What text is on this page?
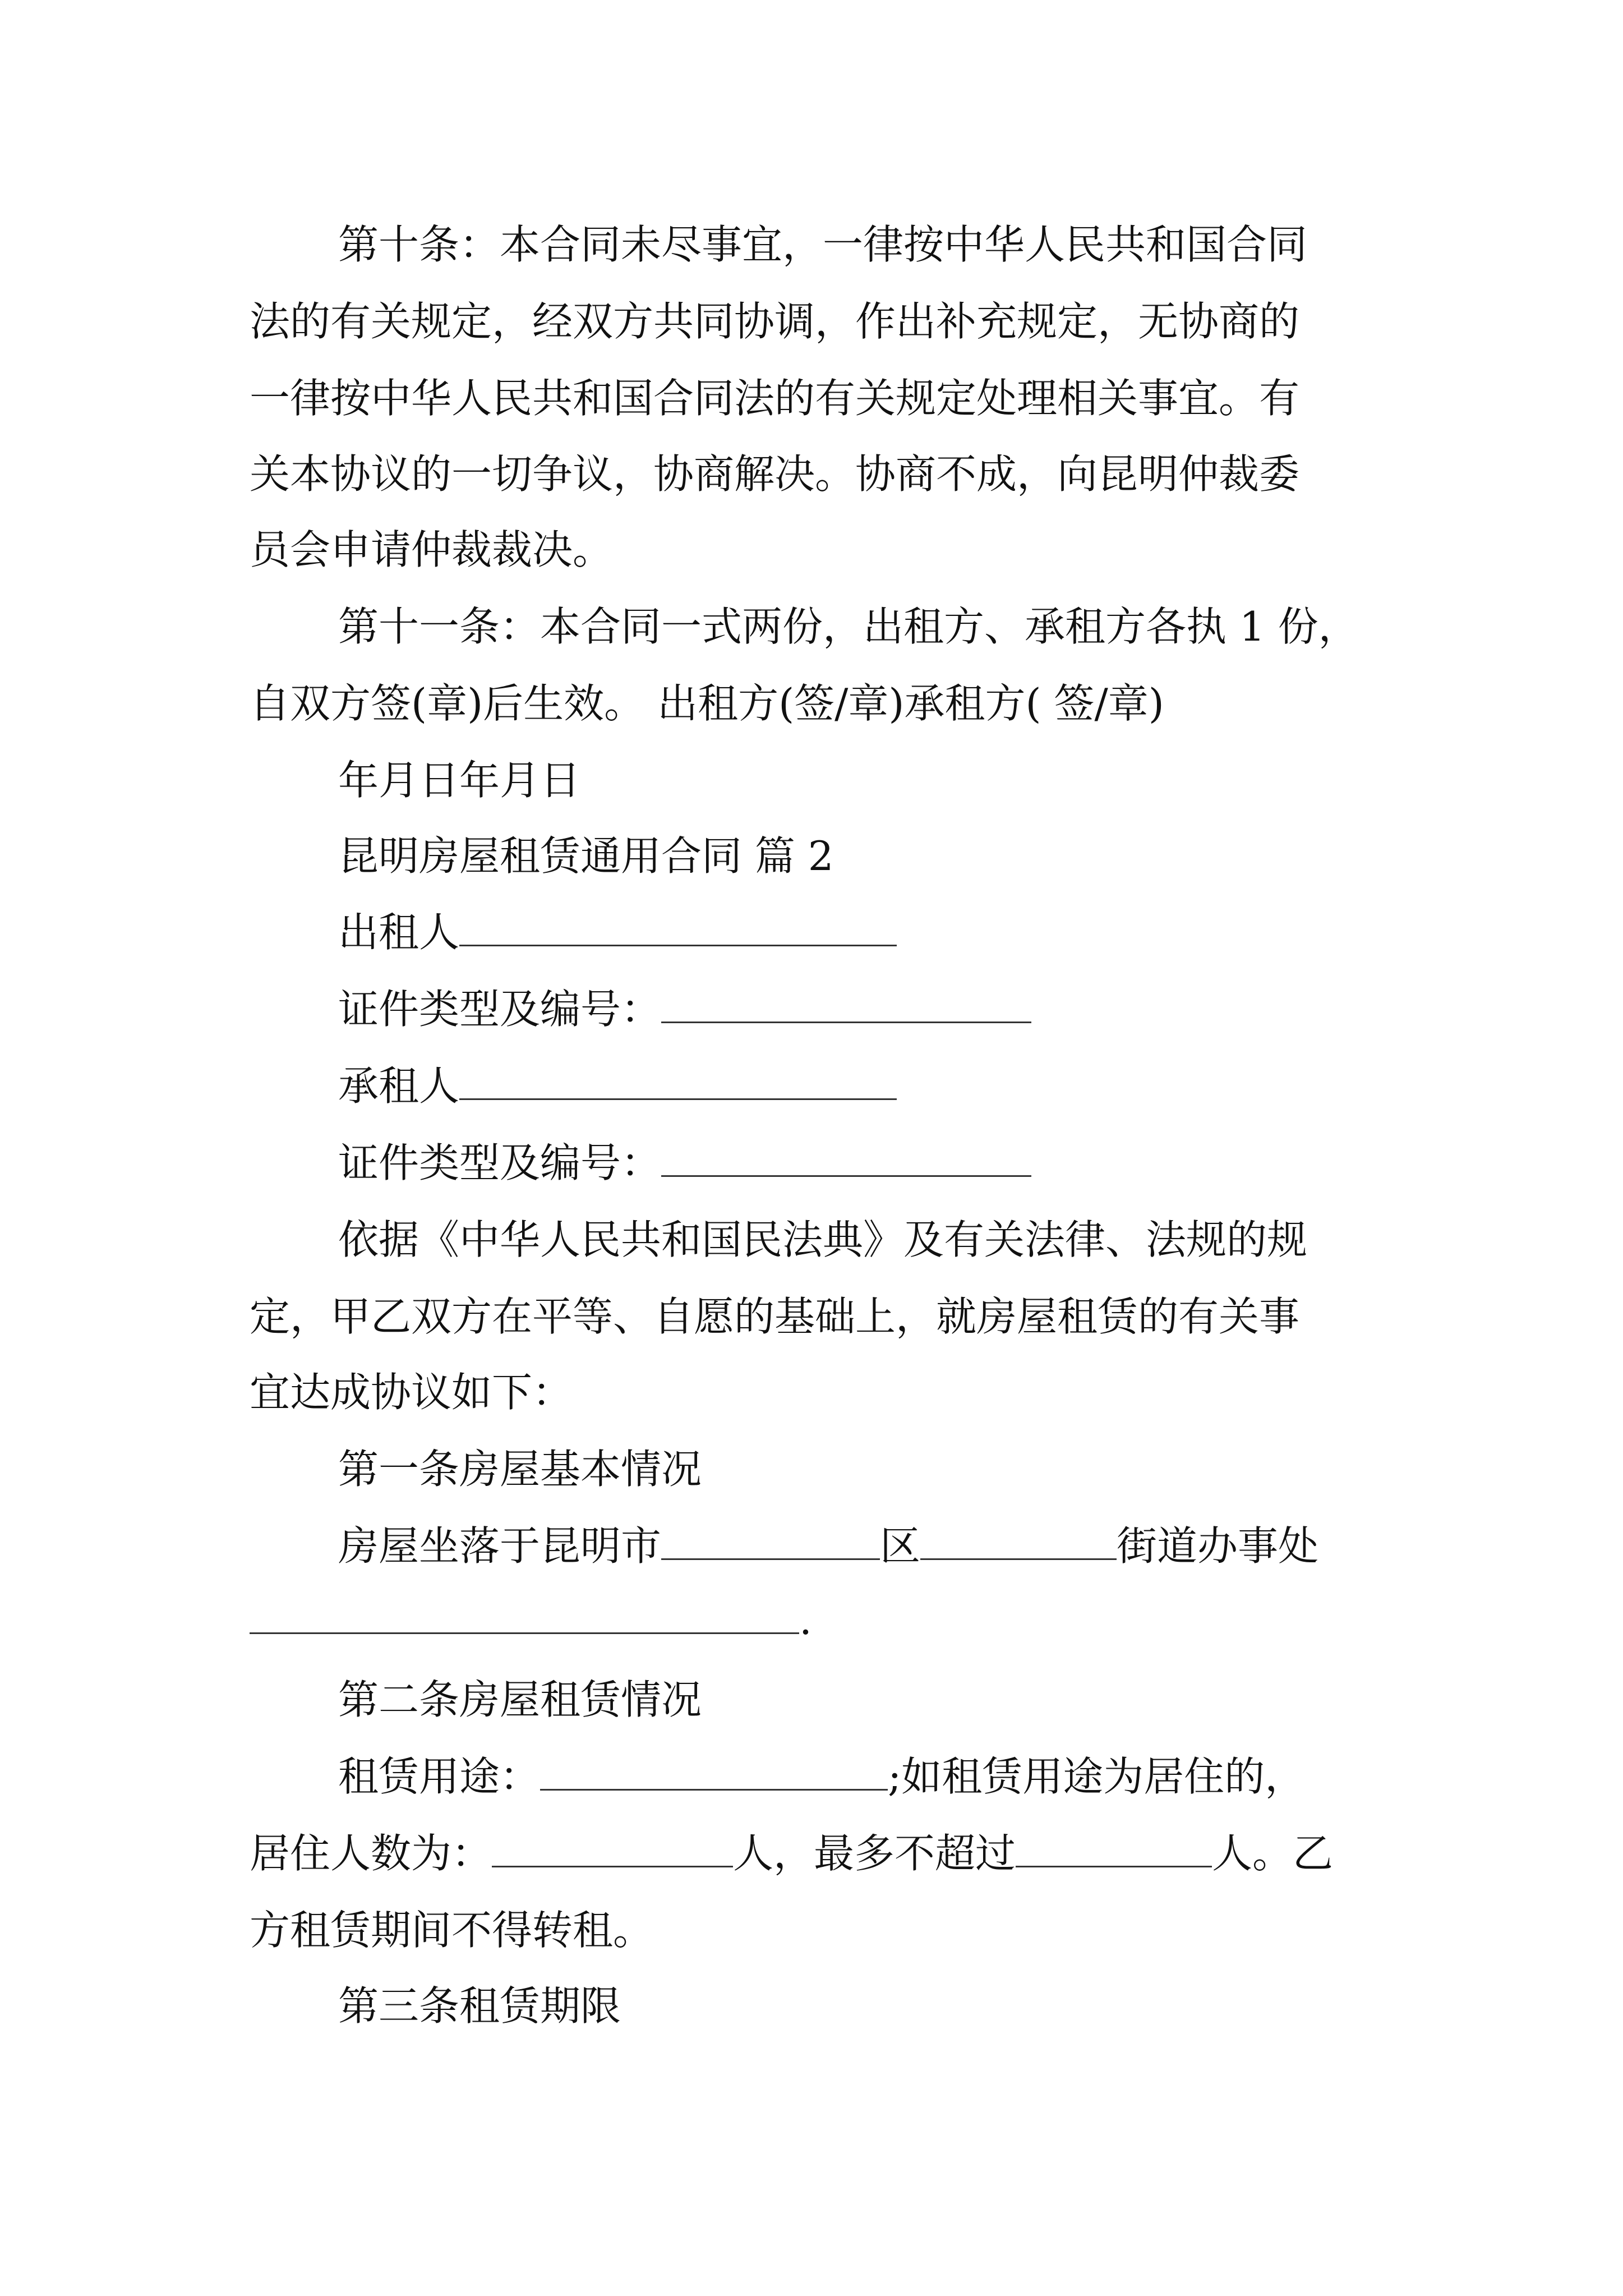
第十条：本合同未尽事宜，一律按中华人民共和国合同
法的有关规定，经双方共同协调，作出补充规定，无协商的
一律按中华人民共和国合同法的有关规定处理相关事宜。有
关本协议的一切争议，协商解决。协商不成，向昆明仲裁委
员会申请仲裁裁决。
第十一条：本合同一式两份，出租方、承租方各执 1 份，
自双方签(章)后生效。 出租方(签/章)承租方( 签/章)
年月日年月日
昆明房屋租赁通用合同 篇 2
出租人
证件类型及编号：
承租人
证件类型及编号：
依据《中华人民共和国民法典》及有关法律、法规的规
定，甲乙双方在平等、自愿的基础上，就房屋租赁的有关事
宜达成协议如下：
第一条房屋基本情况
房屋坐落于昆明市	区	街道办事处
.
第二条房屋租赁情况
租赁用途：	;如租赁用途为居住的，
居住人数为：	人，最多不超过	人。乙
方租赁期间不得转租。
第三条租赁期限
